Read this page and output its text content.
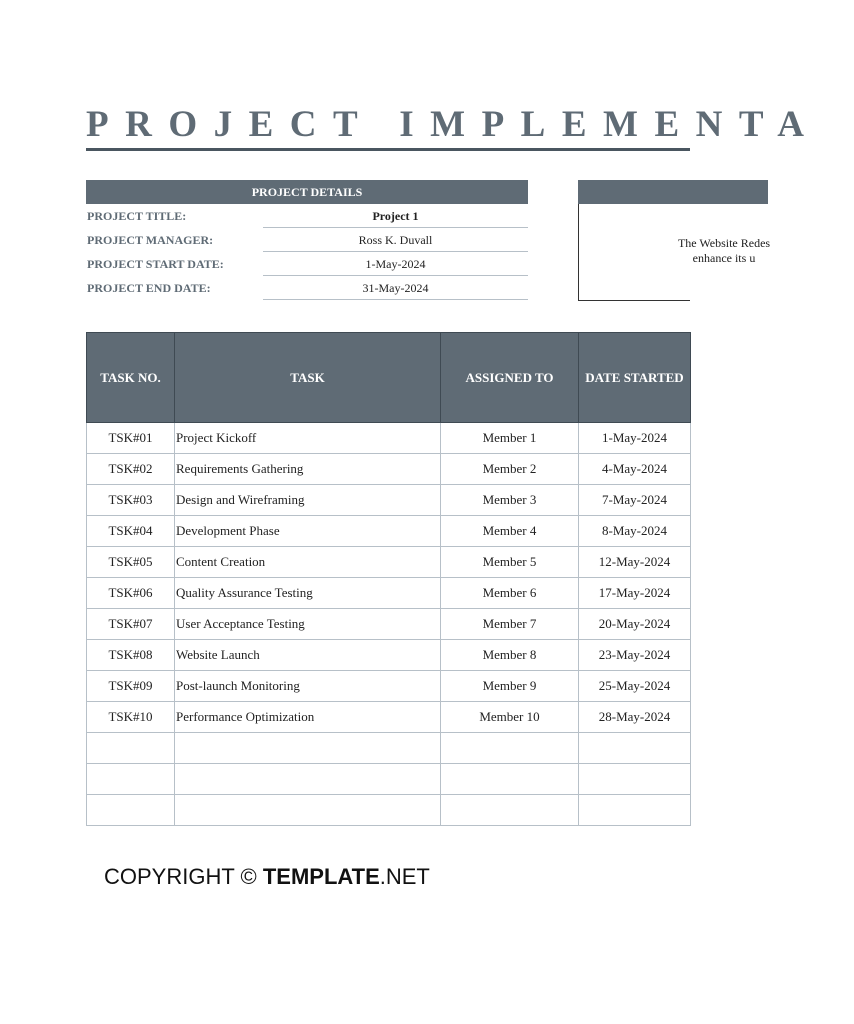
PROJECT IMPLEMENTA
PROJECT DETAILS
PROJECT TITLE:	Project 1
PROJECT MANAGER:	Ross K. Duvall
PROJECT START DATE:	1-May-2024
PROJECT END DATE:	31-May-2024
The Website Redes
enhance its u
TASK NO.	TASK	ASSIGNED TO	DATE STARTED
TSK#01	Project Kickoff	Member 1	1-May-2024
TSK#02	Requirements Gathering	Member 2	4-May-2024
TSK#03	Design and Wireframing	Member 3	7-May-2024
TSK#04	Development Phase	Member 4	8-May-2024
TSK#05	Content Creation	Member 5	12-May-2024
TSK#06	Quality Assurance Testing	Member 6	17-May-2024
TSK#07	User Acceptance Testing	Member 7	20-May-2024
TSK#08	Website Launch	Member 8	23-May-2024
TSK#09	Post-launch Monitoring	Member 9	25-May-2024
TSK#10	Performance Optimization	Member 10	28-May-2024

COPYRIGHT © TEMPLATE.NET
